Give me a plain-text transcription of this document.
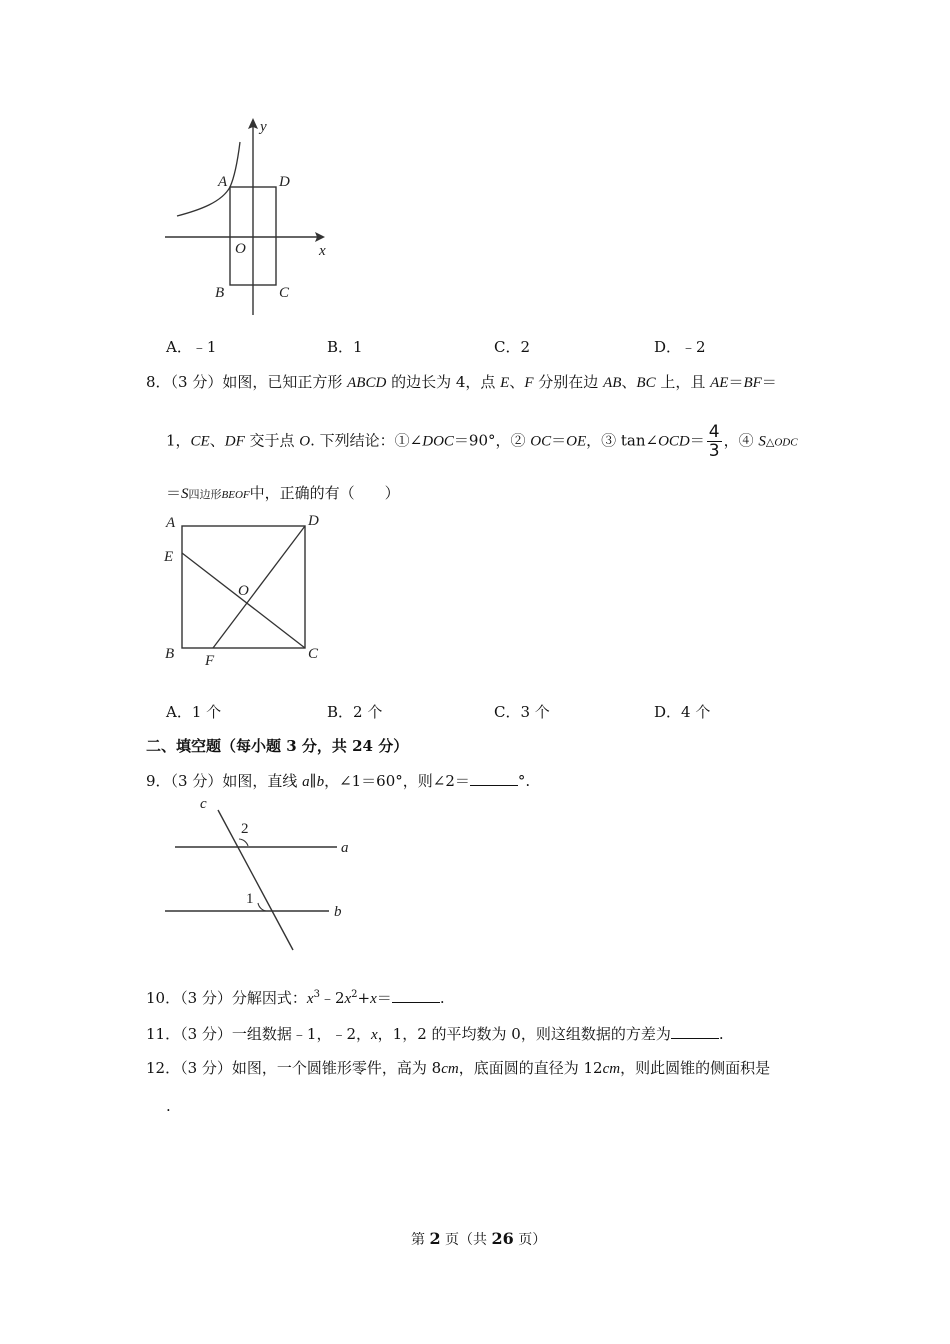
y
x
A	D
O
B	C
A．﹣1	B．1	C．2	D．﹣2
8．（3 分）如图，已知正方形 ABCD 的边长为 4，点 E、F 分别在边 AB、BC 上，且 AE＝BF＝
1，CE、DF 交于点 O. 下列结论：①∠DOC＝90°，② OC＝OE，③ tan∠OCD＝ $\frac{4}{3}$ ，④ S△ODC
＝S四边形BEOF中，正确的有（　　）
A	D
E
O
B F	C
A．1 个	B．2 个	C．3 个	D．4 个
二、填空题（每小题 3 分，共 24 分）
9．（3 分）如图，直线 a∥b，∠1＝60°，则∠2＝	°.
c
2
a
1
b
10．（3 分）分解因式：$x^3﹣2x^2+x=$	.
11．（3 分）一组数据﹣1，﹣2，x，1，2 的平均数为 0，则这组数据的方差为	.
12．（3 分）如图，一个圆锥形零件，高为 8cm，底面圆的直径为 12cm，则此圆锥的侧面积是
.
第 2 页（共 26 页）
